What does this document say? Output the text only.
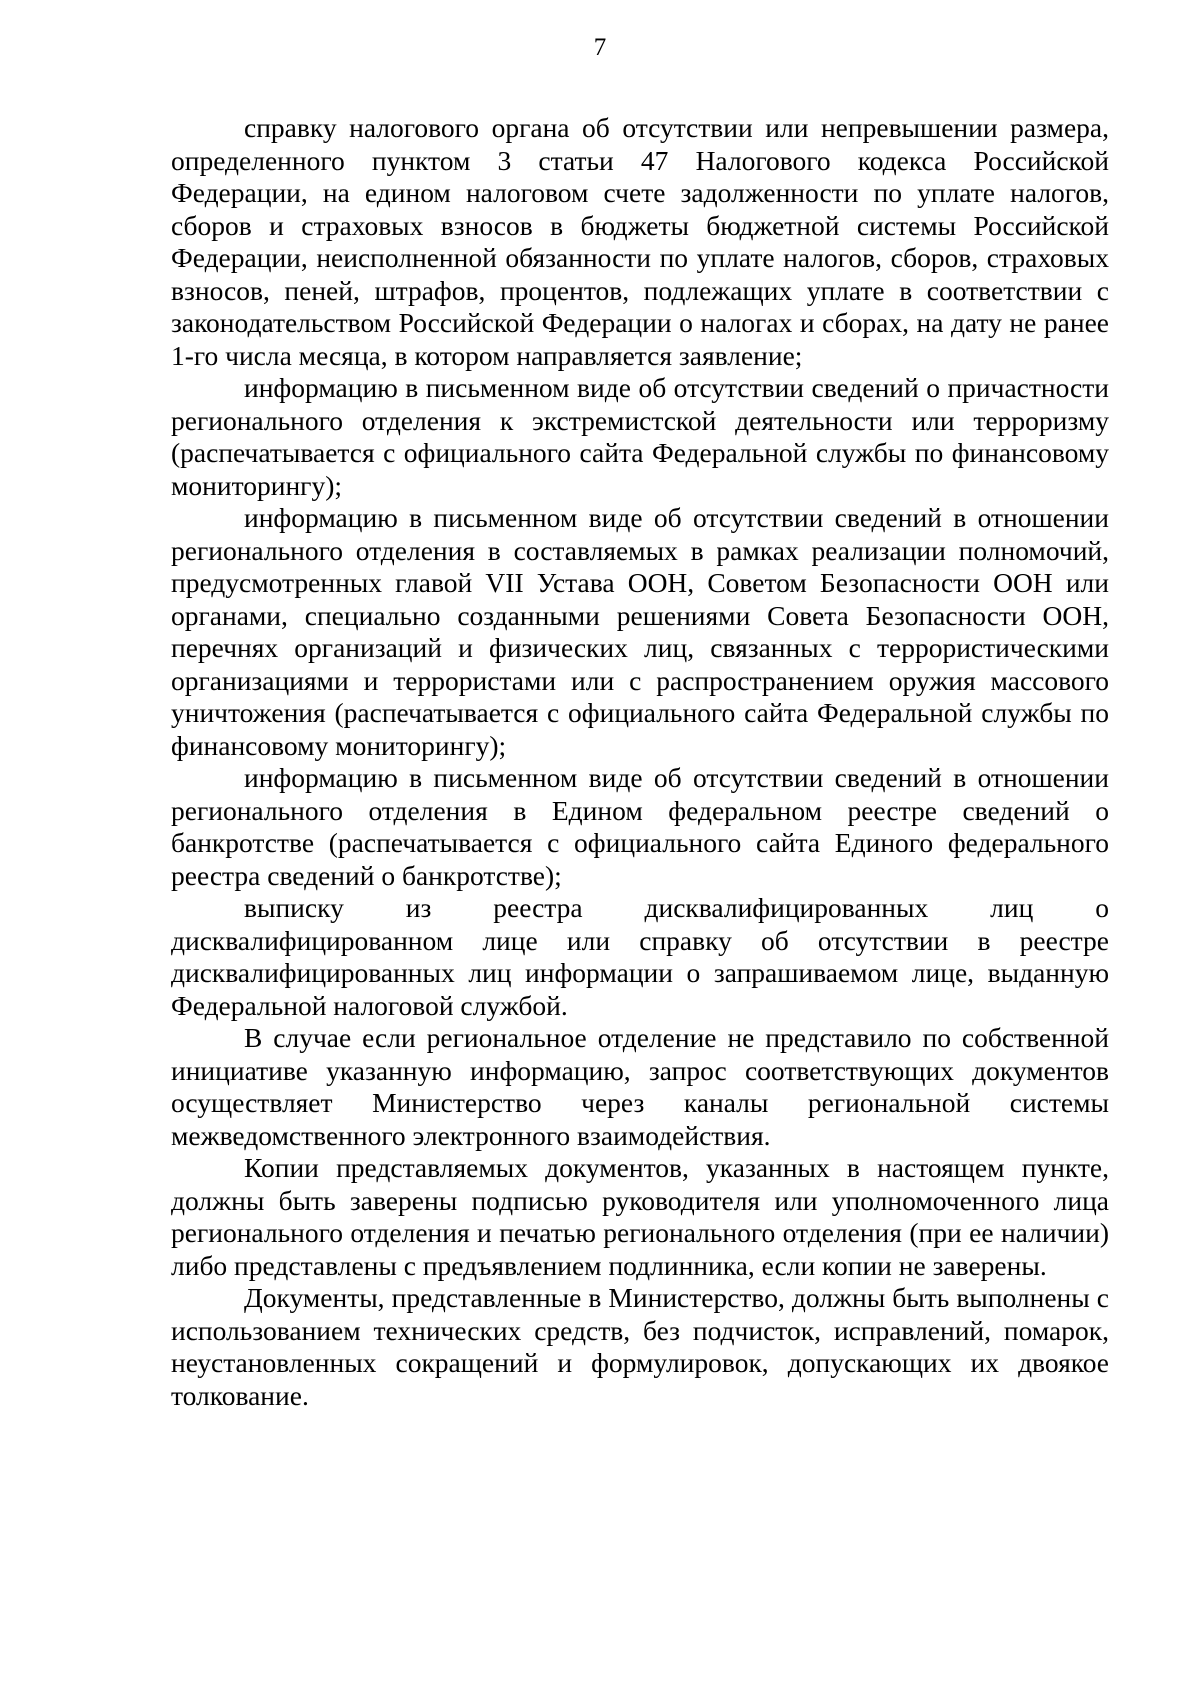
7

справку налогового органа об отсутствии или непревышении размера, определенного пунктом 3 статьи 47 Налогового кодекса Российской Федерации, на едином налоговом счете задолженности по уплате налогов, сборов и страховых взносов в бюджеты бюджетной системы Российской Федерации, неисполненной обязанности по уплате налогов, сборов, страховых взносов, пеней, штрафов, процентов, подлежащих уплате в соответствии с законодательством Российской Федерации о налогах и сборах, на дату не ранее 1-го числа месяца, в котором направляется заявление;

информацию в письменном виде об отсутствии сведений о причастности регионального отделения к экстремистской деятельности или терроризму (распечатывается с официального сайта Федеральной службы по финансовому мониторингу);

информацию в письменном виде об отсутствии сведений в отношении регионального отделения в составляемых в рамках реализации полномочий, предусмотренных главой VII Устава ООН, Советом Безопасности ООН или органами, специально созданными решениями Совета Безопасности ООН, перечнях организаций и физических лиц, связанных с террористическими организациями и террористами или с распространением оружия массового уничтожения (распечатывается с официального сайта Федеральной службы по финансовому мониторингу);

информацию в письменном виде об отсутствии сведений в отношении регионального отделения в Едином федеральном реестре сведений о банкротстве (распечатывается с официального сайта Единого федерального реестра сведений о банкротстве);

выписку из реестра дисквалифицированных лиц о дисквалифицированном лице или справку об отсутствии в реестре дисквалифицированных лиц информации о запрашиваемом лице, выданную Федеральной налоговой службой.

В случае если региональное отделение не представило по собственной инициативе указанную информацию, запрос соответствующих документов осуществляет Министерство через каналы региональной системы межведомственного электронного взаимодействия.

Копии представляемых документов, указанных в настоящем пункте, должны быть заверены подписью руководителя или уполномоченного лица регионального отделения и печатью регионального отделения (при ее наличии) либо представлены с предъявлением подлинника, если копии не заверены.

Документы, представленные в Министерство, должны быть выполнены с использованием технических средств, без подчисток, исправлений, помарок, неустановленных сокращений и формулировок, допускающих их двоякое толкование.
